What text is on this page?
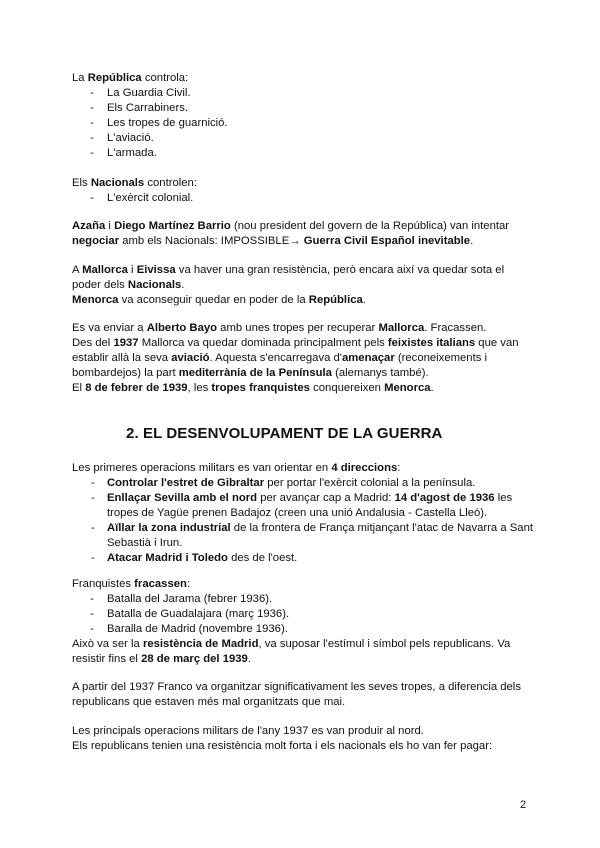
La República controla:

- La Guardia Civil.
- Els Carrabiners.
- Les tropes de guarnició.
- L'aviació.
- L'armada.

Els Nacionals controlen:

- L'exèrcit colonial.

Azaña i Diego Martínez Barrio (nou president del govern de la República) van intentar negociar amb els Nacionals: IMPOSSIBLE→ Guerra Civil Español inevitable.

A Mallorca i Eivissa va haver una gran resistència, però encara així va quedar sota el poder dels Nacionals.

Menorca va aconseguir quedar en poder de la República.

Es va enviar a Alberto Bayo amb unes tropes per recuperar Mallorca. Fracassen.

Des del 1937 Mallorca va quedar dominada principalment pels feixistes italians que van establir allà la seva aviació. Aquesta s'encarregava d'amenaçar (reconeixements i bombardejos) la part mediterrània de la Península (alemanys també).

El 8 de febrer de 1939, les tropes franquistes conquereixen Menorca.

2. EL DESENVOLUPAMENT DE LA GUERRA

Les primeres operacions militars es van orientar en 4 direccions:

- Controlar l'estret de Gibraltar per portar l'exèrcit colonial a la península.
- Enllaçar Sevilla amb el nord per avançar cap a Madrid: 14 d'agost de 1936 les tropes de Yagüe prenen Badajoz (creen una unió Andalusia - Castella Lleó).
- Aïllar la zona industrial de la frontera de França mitjançant l'atac de Navarra a Sant Sebastià i Irun.
- Atacar Madrid i Toledo des de l'oest.

Franquistes fracassen:

- Batalla del Jarama (febrer 1936).
- Batalla de Guadalajara (març 1936).
- Baralla de Madrid (novembre 1936).

Això va ser la resistència de Madrid, va suposar l'estímul i símbol pels republicans. Va resistir fins el 28 de març del 1939.

A partir del 1937 Franco va organitzar significativament les seves tropes, a diferencia dels republicans que estaven més mal organitzats que mai.

Les principals operacions militars de l'any 1937 es van produir al nord.

Els republicans tenien una resistència molt forta i els nacionals els ho van fer pagar:

2
